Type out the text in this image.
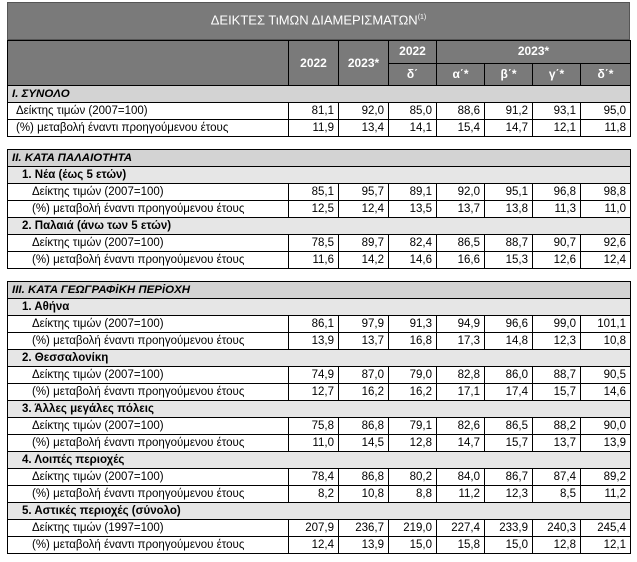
ΔΕΙΚΤΕΣ ΤιΜΩΝ ΔΙΑΜΕΡΙΣΜΑΤΩΝ$^{(1)}$
	2022	2023*	2022	2023*			
			δ΄	α΄*	β΄*	γ΄*	δ΄*
Ι. ΣΥΝΟΛΟ							
Δείκτης τιμών (2007=100)	81,1	92,0	85,0	88,6	91,2	93,1	95,0
(%) μεταβολή έναντι προηγούμενου έτους	11,9	13,4	14,1	15,4	14,7	12,1	11,8

ΙΙ. ΚΑΤΑ ΠΑΛΑΙΟΤΗΤΑ							
1. Νέα (έως 5 ετών)							
Δείκτης τιμών (2007=100)	85,1	95,7	89,1	92,0	95,1	96,8	98,8
(%) μεταβολή έναντι προηγούμενου έτους	12,5	12,4	13,5	13,7	13,8	11,3	11,0
2. Παλαιά (άνω των 5 ετών)							
Δείκτης τιμών (2007=100)	78,5	89,7	82,4	86,5	88,7	90,7	92,6
(%) μεταβολή έναντι προηγούμενου έτους	11,6	14,2	14,6	16,6	15,3	12,6	12,4

ΙΙΙ. ΚΑΤΑ ΓΕΩΓΡΑΦiΚΗ ΠΕΡiΟΧΗ							
1. Αθήνα							
Δείκτης τιμών (2007=100)	86,1	97,9	91,3	94,9	96,6	99,0	101,1
(%) μεταβολή έναντι προηγούμενου έτους	13,9	13,7	16,8	17,3	14,8	12,3	10,8
2. Θεσσαλονίκη							
Δείκτης τιμών (2007=100)	74,9	87,0	79,0	82,8	86,0	88,7	90,5
(%) μεταβολή έναντι προηγούμενου έτους	12,7	16,2	16,2	17,1	17,4	15,7	14,6
3. Άλλες μεγάλες πόλεις							
Δείκτης τιμών (2007=100)	75,8	86,8	79,1	82,6	86,5	88,2	90,0
(%) μεταβολή έναντι προηγούμενου έτους	11,0	14,5	12,8	14,7	15,7	13,7	13,9
4. Λοιπές περιοχές							
Δείκτης τιμών (2007=100)	78,4	86,8	80,2	84,0	86,7	87,4	89,2
(%) μεταβολή έναντι προηγούμενου έτους	8,2	10,8	8,8	11,2	12,3	8,5	11,2
5. Αστικές περιοχές (σύνολο)							
Δείκτης τιμών (1997=100)	207,9	236,7	219,0	227,4	233,9	240,3	245,4
(%) μεταβολή έναντι προηγούμενου έτους	12,4	13,9	15,0	15,8	15,0	12,8	12,1
